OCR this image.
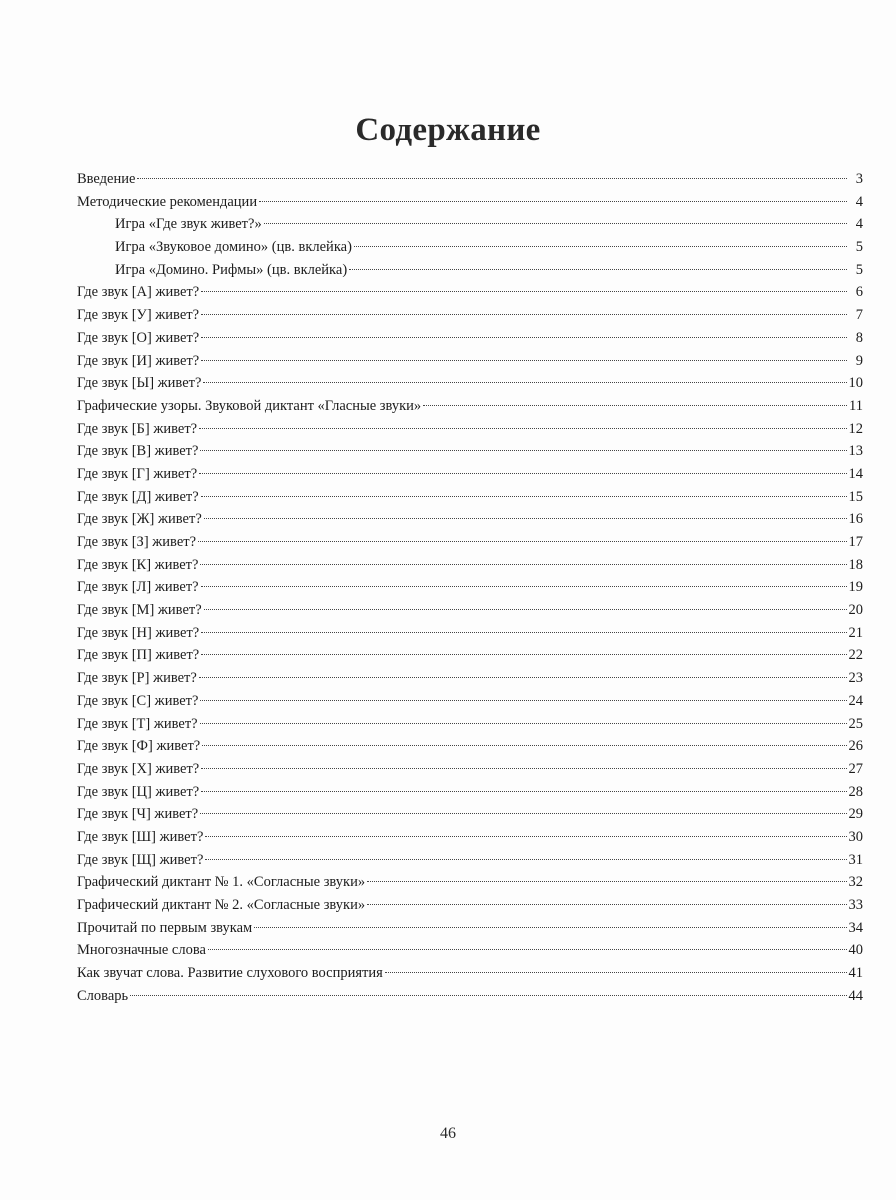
Содержание
Введение	3
Методические рекомендации	4
Игра «Где звук живет?»	4
Игра «Звуковое домино» (цв. вклейка)	5
Игра «Домино. Рифмы» (цв. вклейка)	5
Где звук [А] живет?	6
Где звук [У] живет?	7
Где звук [О] живет?	8
Где звук [И] живет?	9
Где звук [Ы] живет?	10
Графические узоры. Звуковой диктант «Гласные звуки»	11
Где звук [Б] живет?	12
Где звук [В] живет?	13
Где звук [Г] живет?	14
Где звук [Д] живет?	15
Где звук [Ж] живет?	16
Где звук [З] живет?	17
Где звук [К] живет?	18
Где звук [Л] живет?	19
Где звук [М] живет?	20
Где звук [Н] живет?	21
Где звук [П] живет?	22
Где звук [Р] живет?	23
Где звук [С] живет?	24
Где звук [Т] живет?	25
Где звук [Ф] живет?	26
Где звук [Х] живет?	27
Где звук [Ц] живет?	28
Где звук [Ч] живет?	29
Где звук [Ш] живет?	30
Где звук [Щ] живет?	31
Графический диктант № 1. «Согласные звуки»	32
Графический диктант № 2. «Согласные звуки»	33
Прочитай по первым звукам	34
Многозначные слова	40
Как звучат слова. Развитие слухового восприятия	41
Словарь	44
46
